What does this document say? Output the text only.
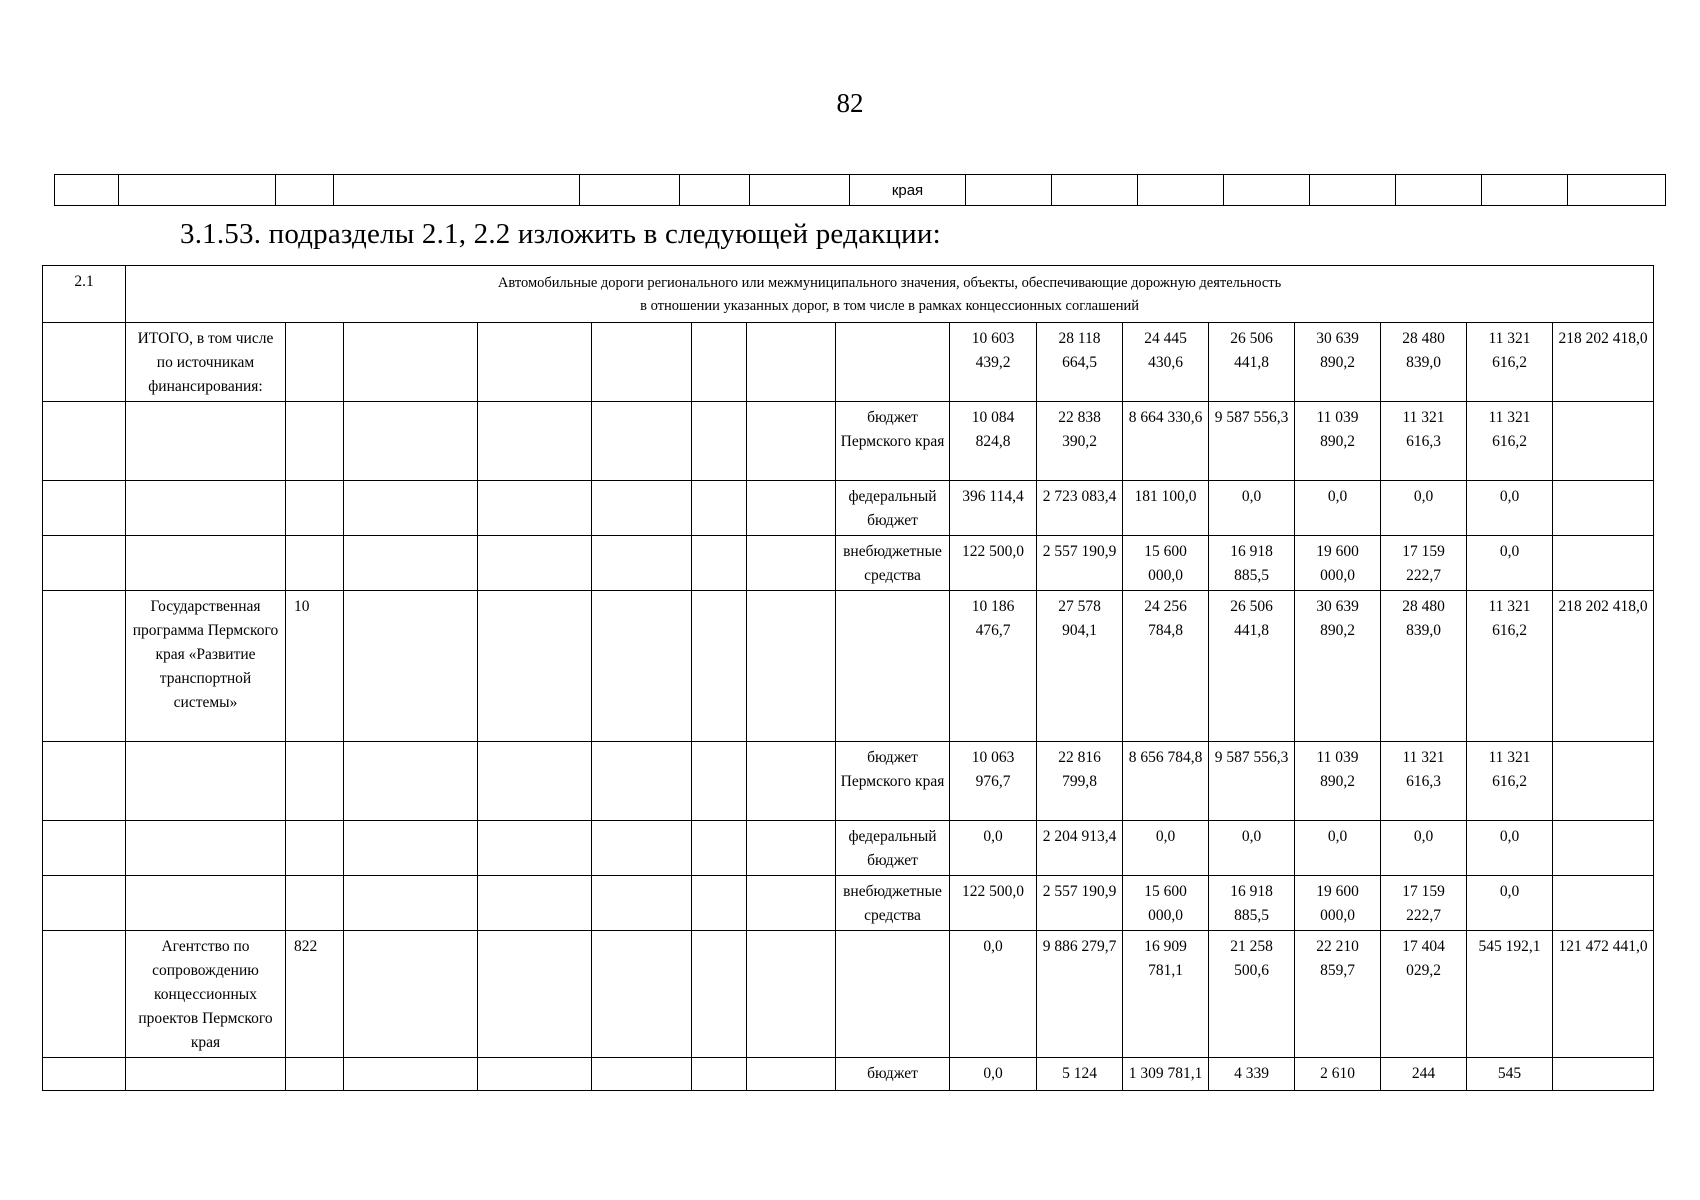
82
								края								
3.1.53. подразделы 2.1, 2.2 изложить в следующей редакции:
2.1	Автомобильные дороги регионального или межмуниципального значения, объекты, обеспечивающие дорожную деятельность
в отношении указанных дорог, в том числе в рамках концессионных соглашений															

	ИТОГО, в том числе по источникам финансирования:								10 603 439,2	28 118 664,5	24 445 430,6	26 506 441,8	30 639 890,2	28 480 839,0	11 321 616,2	218 202 418,0
								бюджет Пермского края	10 084 824,8	22 838 390,2	8 664 330,6	9 587 556,3	11 039 890,2	11 321 616,3	11 321 616,2	
								федеральный бюджет	396 114,4	2 723 083,4	181 100,0	0,0	0,0	0,0	0,0	
								внебюджетные средства	122 500,0	2 557 190,9	15 600 000,0	16 918 885,5	19 600 000,0	17 159 222,7	0,0	
	Государственная программа Пермского края «Развитие транспортной системы»	10							10 186 476,7	27 578 904,1	24 256 784,8	26 506 441,8	30 639 890,2	28 480 839,0	11 321 616,2	218 202 418,0
								бюджет Пермского края	10 063 976,7	22 816 799,8	8 656 784,8	9 587 556,3	11 039 890,2	11 321 616,3	11 321 616,2	
								федеральный бюджет	0,0	2 204 913,4	0,0	0,0	0,0	0,0	0,0	
								внебюджетные средства	122 500,0	2 557 190,9	15 600 000,0	16 918 885,5	19 600 000,0	17 159 222,7	0,0	
	Агентство по сопровождению концессионных проектов Пермского края	822							0,0	9 886 279,7	16 909 781,1	21 258 500,6	22 210 859,7	17 404 029,2	545 192,1	121 472 441,0
								бюджет	0,0	5 124	1 309 781,1	4 339	2 610	244	545	
